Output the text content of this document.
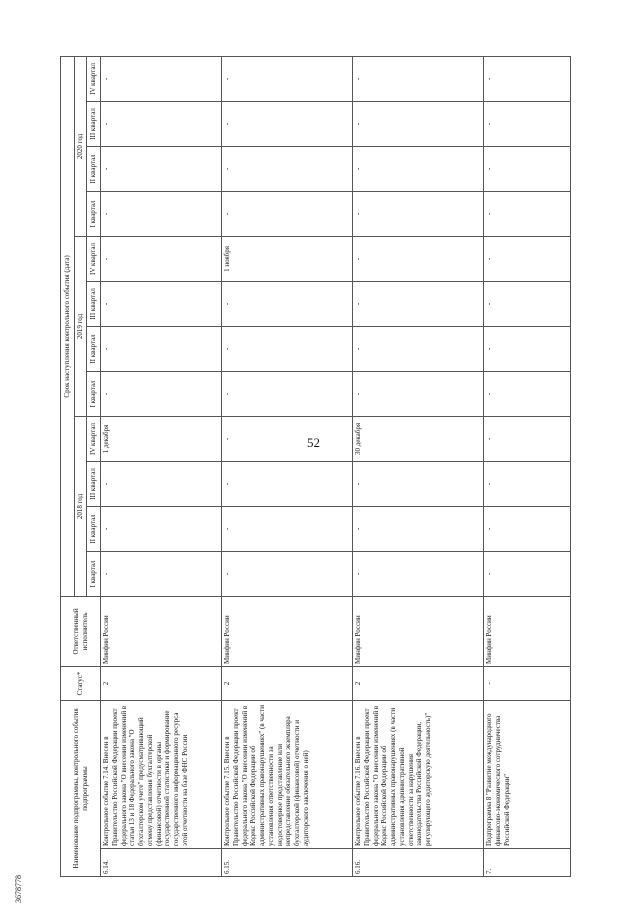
52
3678778
Наименование подпрограммы, контрольного события подпрограммы		Статус*	Ответственный исполнитель	Срок наступления контрольного события (дата)											
				2018 год				2019 год				2020 год			
				I квартал	II квартал	III квартал	IV квартал	I квартал	II квартал	III квартал	IV квартал	I квартал	II квартал	III квартал	IV квартал
6.14.	Контрольное событие 7.14. Внесен в Правительство Российской Федерации проект федерального закона "О внесении изменений в статьи 13 и 18 Федерального закона "О бухгалтерском учете" предусматривающий отмену представления бухгалтерской (финансовой) отчетности в органы государственной статистики и формирование государственного информационного ресурса этой отчетности на базе ФНС России	2	Минфин России	-	-	-	1 декабря	-	-	-	-	-	-	-	-
6.15.	Контрольное событие 7.15. Внесен в Правительство Российской Федерации проект федерального закона "О внесении изменений в Кодекс Российской Федерации об административных правонарушениях" (в части установления ответственности за недостоверное представление или непредставление обязательного экземпляра бухгалтерской (финансовой) отчетности и аудиторского заключения о ней)	2	Минфин России	-	-	-	-	-	-	-	1 ноября	-	-	-	-
6.16.	Контрольное событие 7.16. Внесен в Правительство Российской Федерации проект федерального закона "О внесении изменений в Кодекс Российской Федерации об административных правонарушениях (в части установления административной ответственности за нарушения законодательства Российской Федерации, регулирующего аудиторскую деятельность)"	2	Минфин России	-	-	-	30 декабря	-	-	-	-	-	-	-	-
7.	Подпрограмма 8 "Развитие международного финансово-экономического сотрудничества Российской Федерации"	-	Минфин России	-	-	-	-	-	-	-	-	-	-	-	-
